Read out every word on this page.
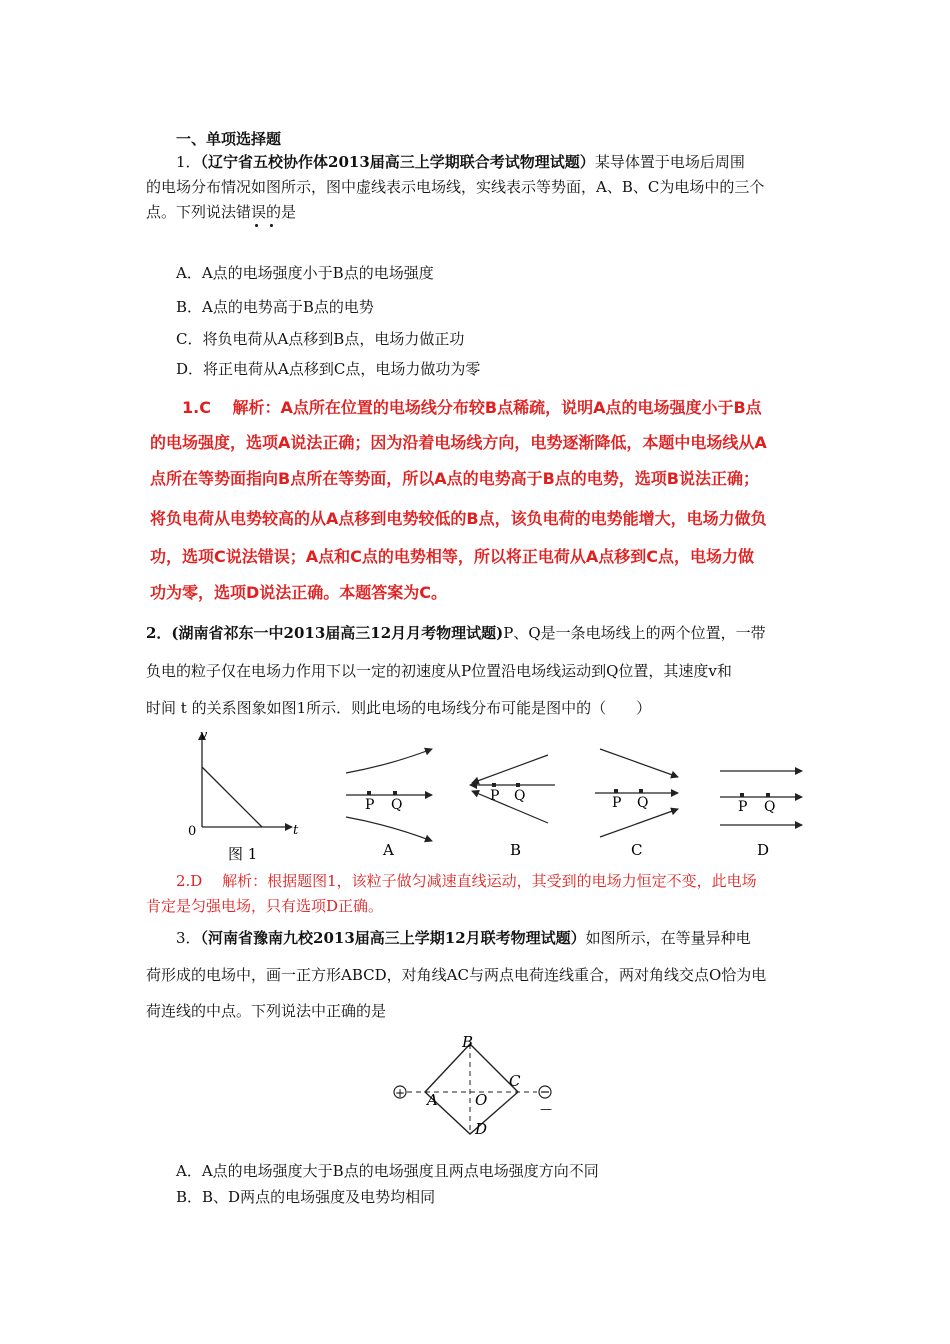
一、单项选择题
1．（辽宁省五校协作体2013届高三上学期联合考试物理试题）某导体置于电场后周围
的电场分布情况如图所示，图中虚线表示电场线，实线表示等势面，A、B、C为电场中的三个
点。下列说法错误的是
A．A点的电场强度小于B点的电场强度
B．A点的电势高于B点的电势
C．将负电荷从A点移到B点，电场力做正功
D．将正电荷从A点移到C点，电场力做功为零
1.C　 解析：A点所在位置的电场线分布较B点稀疏，说明A点的电场强度小于B点
的电场强度，选项A说法正确；因为沿着电场线方向，电势逐渐降低，本题中电场线从A
点所在等势面指向B点所在等势面，所以A点的电势高于B点的电势，选项B说法正确；
将负电荷从电势较高的从A点移到电势较低的B点，该负电荷的电势能增大，电场力做负
功，选项C说法错误；A点和C点的电势相等，所以将正电荷从A点移到C点，电场力做
功为零，选项D说法正确。本题答案为C。
2．(湖南省祁东一中2013届高三12月月考物理试题)P、Q是一条电场线上的两个位置，一带
负电的粒子仅在电场力作用下以一定的初速度从P位置沿电场线运动到Q位置，其速度v和
时间 t 的关系图象如图1所示．则此电场的电场线分布可能是图中的（　　）
v
t
0
图 1
P Q
A
P Q
B
P Q
C
P Q
D
2.D　 解析：根据题图1，该粒子做匀减速直线运动，其受到的电场力恒定不变，此电场
肯定是匀强电场，只有选项D正确。
3．（河南省豫南九校2013届高三上学期12月联考物理试题）如图所示，在等量异种电
荷形成的电场中，画一正方形ABCD，对角线AC与两点电荷连线重合，两对角线交点O恰为电
荷连线的中点。下列说法中正确的是
+
—
B
C
A O
D
A．A点的电场强度大于B点的电场强度且两点电场强度方向不同
B．B、D两点的电场强度及电势均相同
